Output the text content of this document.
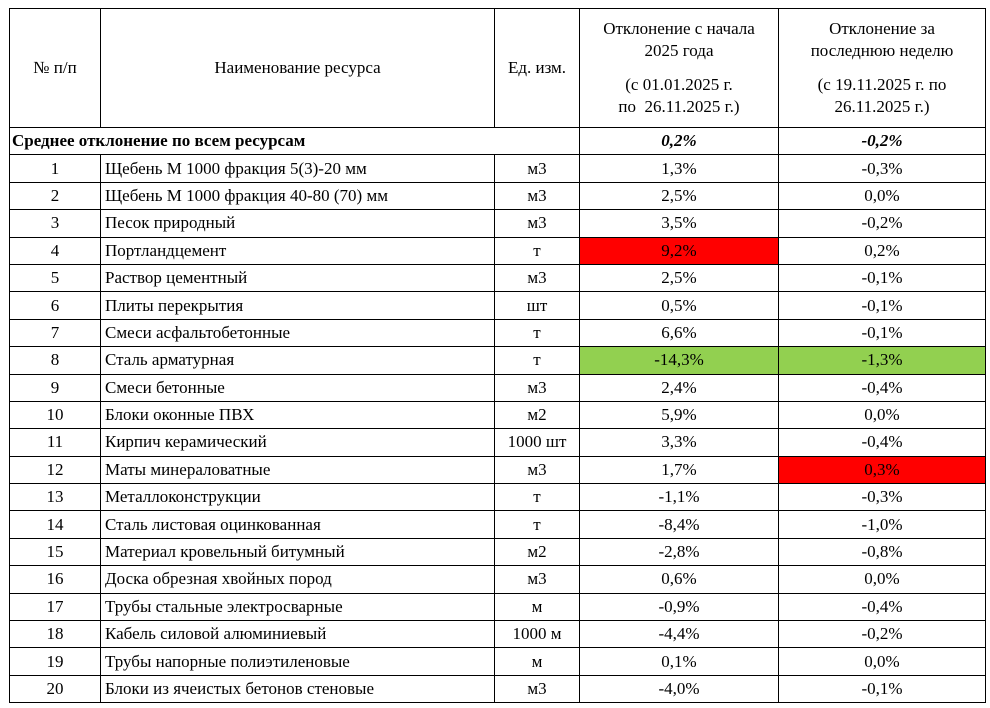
№ п/п	Наименование ресурса	Ед. изм.	Отклонение с начала
2025 года
(с 01.01.2025 г.
по  26.11.2025 г.)	Отклонение за
последнюю неделю
(с 19.11.2025 г. по
26.11.2025 г.)

Среднее отклонение по всем ресурсам			0,2%	-0,2%
1	Щебень М 1000 фракция 5(3)-20 мм	м3	1,3%	-0,3%
2	Щебень М 1000 фракция 40-80 (70) мм	м3	2,5%	0,0%
3	Песок природный	м3	3,5%	-0,2%
4	Портландцемент	т	9,2%	0,2%
5	Раствор цементный	м3	2,5%	-0,1%
6	Плиты перекрытия	шт	0,5%	-0,1%
7	Смеси асфальтобетонные	т	6,6%	-0,1%
8	Сталь арматурная	т	-14,3%	-1,3%
9	Смеси бетонные	м3	2,4%	-0,4%
10	Блоки оконные ПВХ	м2	5,9%	0,0%
11	Кирпич керамический	1000 шт	3,3%	-0,4%
12	Маты минераловатные	м3	1,7%	0,3%
13	Металлоконструкции	т	-1,1%	-0,3%
14	Сталь листовая оцинкованная	т	-8,4%	-1,0%
15	Материал кровельный битумный	м2	-2,8%	-0,8%
16	Доска обрезная хвойных пород	м3	0,6%	0,0%
17	Трубы стальные электросварные	м	-0,9%	-0,4%
18	Кабель силовой алюминиевый	1000 м	-4,4%	-0,2%
19	Трубы напорные полиэтиленовые	м	0,1%	0,0%
20	Блоки из ячеистых бетонов стеновые	м3	-4,0%	-0,1%
